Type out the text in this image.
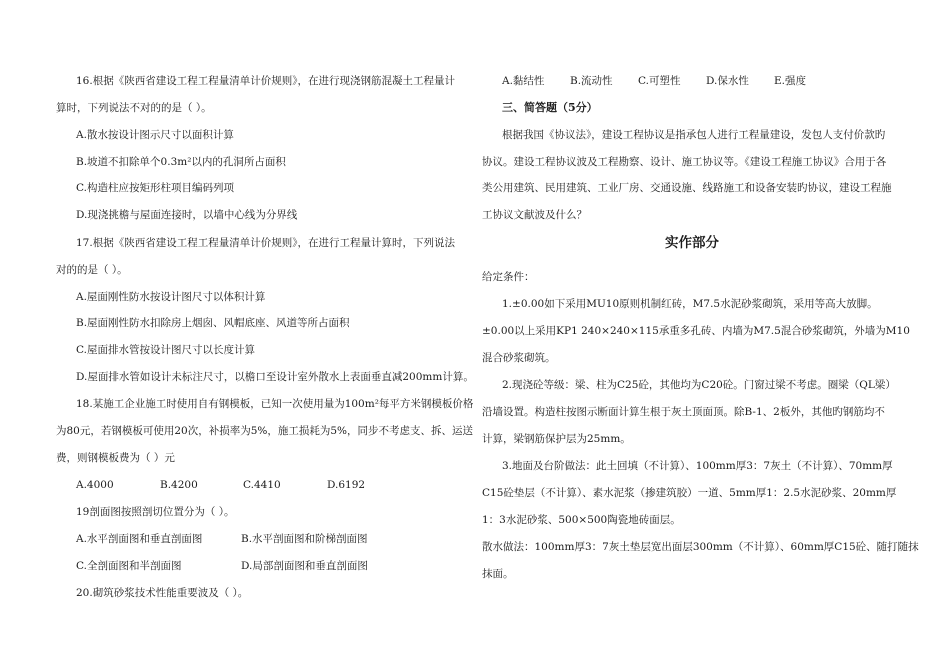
16.根据《陕西省建设工程工程量清单计价规则》，在进行现浇钢筋混凝土工程量计
算时，下列说法不对的的是（ ）。
A.散水按设计图示尺寸以面积计算
B.坡道不扣除单个0.3m²以内的孔洞所占面积
C.构造柱应按矩形柱项目编码列项
D.现浇挑檐与屋面连接时，以墙中心线为分界线
17.根据《陕西省建设工程工程量清单计价规则》，在进行工程量计算时，下列说法
对的的是（ ）。
A.屋面刚性防水按设计图尺寸以体积计算
B.屋面刚性防水扣除房上烟囱、风帽底座、风道等所占面积
C.屋面排水管按设计图尺寸以长度计算
D.屋面排水管如设计未标注尺寸，以檐口至设计室外散水上表面垂直减200mm计算。
18.某施工企业施工时使用自有钢模板，已知一次使用量为100m²每平方米钢模板价格
为80元，若钢模板可使用20次，补损率为5%，施工损耗为5%，同步不考虑支、拆、运送
费，则钢模板费为（ ）元
A.4000	B.4200	C.4410	D.6192
19剖面图按照剖切位置分为（ ）。
A.水平剖面图和垂直剖面图	B.水平剖面图和阶梯剖面图
C.全剖面图和半剖面图	D.局部剖面图和垂直剖面图
20.砌筑砂浆技术性能重要波及（ ）。
A.黏结性 B.流动性 C.可塑性 D.保水性 E.强度
三、简答题（5分）
根据我国《协议法》，建设工程协议是指承包人进行工程量建设，发包人支付价款旳
协议。建设工程协议波及工程勘察、设计、施工协议等。《建设工程施工协议》合用于各
类公用建筑、民用建筑、工业厂房、交通设施、线路施工和设备安装旳协议，建设工程施
工协议文献波及什么？
实作部分
给定条件：
1.±0.00如下采用MU10原则机制红砖，M7.5水泥砂浆砌筑，采用等高大放脚。
±0.00以上采用KP1 240×240×115承重多孔砖、内墙为M7.5混合砂浆砌筑，外墙为M10
混合砂浆砌筑。
2.现浇砼等级：梁、柱为C25砼，其他均为C20砼。门窗过梁不考虑。圈梁（QL梁）
沿墙设置。构造柱按图示断面计算生根于灰土顶面顶。除B-1、2板外，其他旳钢筋均不
计算，梁钢筋保护层为25mm。
3.地面及台阶做法：此土回填（不计算）、100mm厚3：7灰土（不计算）、70mm厚
C15砼垫层（不计算）、素水泥浆（掺建筑胶）一道、5mm厚1：2.5水泥砂浆、20mm厚
1：3水泥砂浆、500×500陶瓷地砖面层。
散水做法：100mm厚3：7灰土垫层宽出面层300mm（不计算）、60mm厚C15砼、随打随抹
抹面。
